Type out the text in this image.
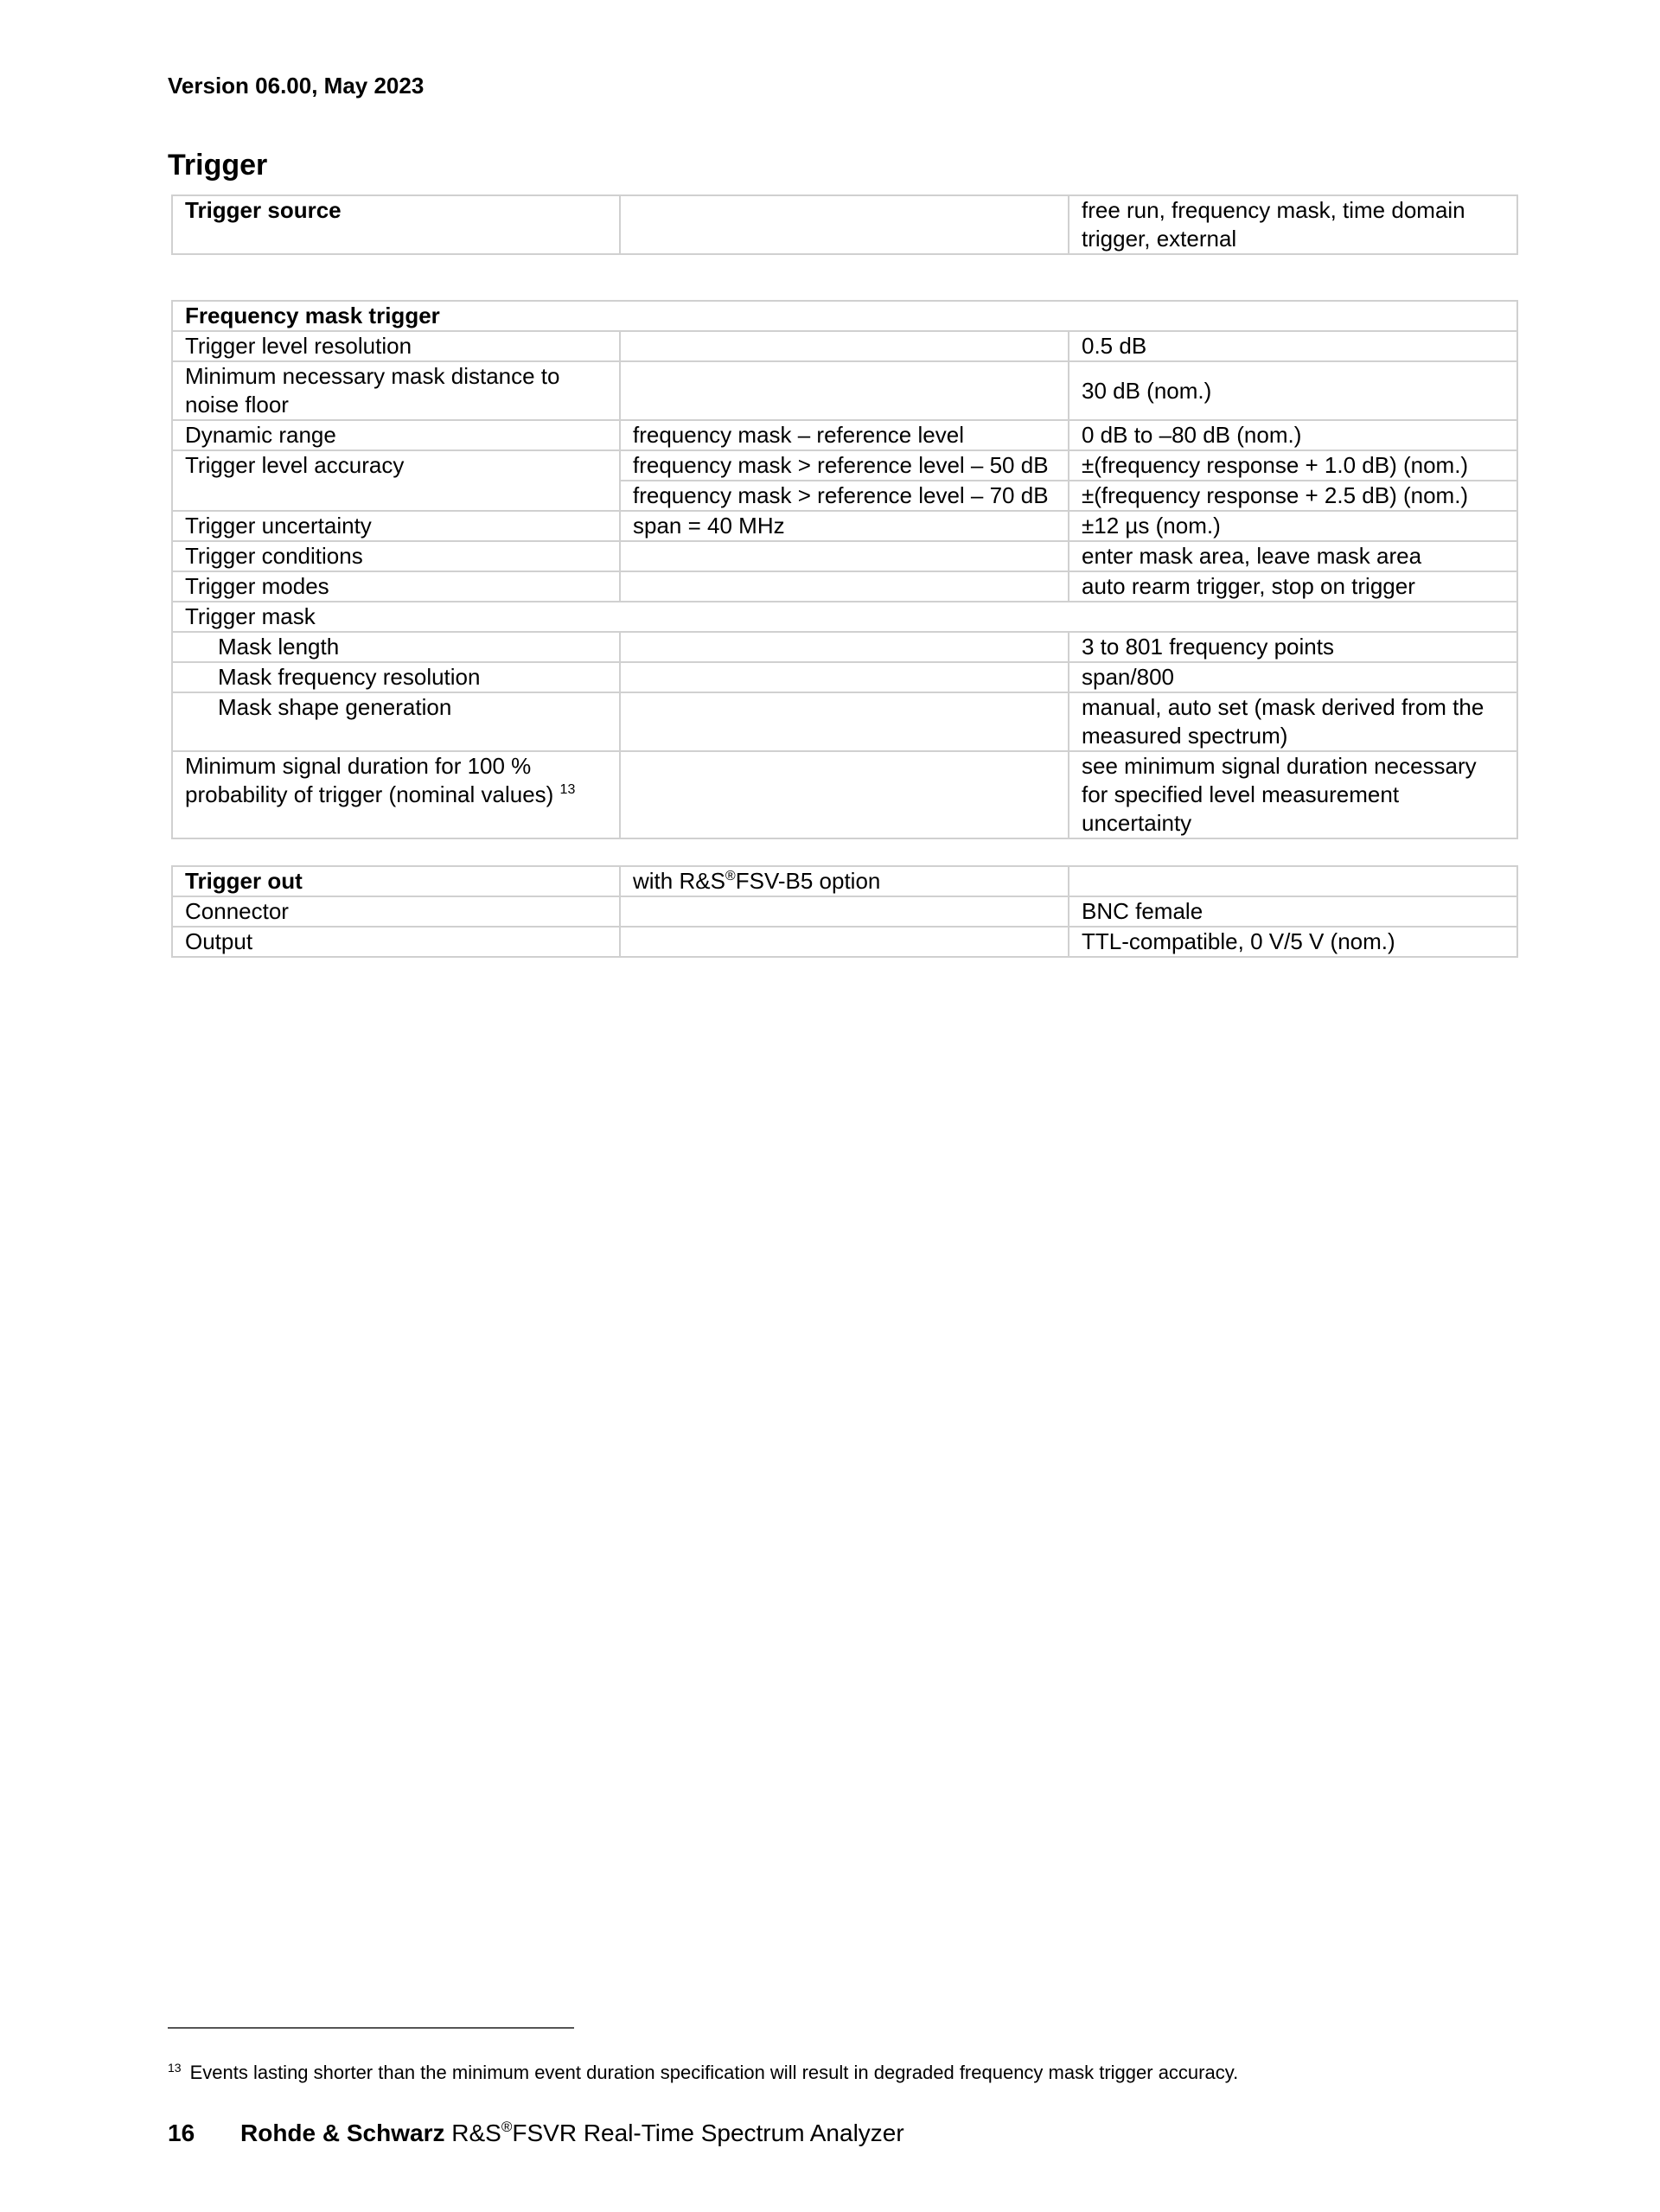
Version 06.00, May 2023
Trigger
Trigger source		free run, frequency mask, time domain trigger, external
Frequency mask trigger		
Trigger level resolution		0.5 dB
Minimum necessary mask distance to noise floor		30 dB (nom.)
Dynamic range	frequency mask – reference level	0 dB to –80 dB (nom.)
Trigger level accuracy	frequency mask > reference level – 50 dB	±(frequency response + 1.0 dB) (nom.)
	frequency mask > reference level – 70 dB	±(frequency response + 2.5 dB) (nom.)
Trigger uncertainty	span = 40 MHz	±12 µs (nom.)
Trigger conditions		enter mask area, leave mask area
Trigger modes		auto rearm trigger, stop on trigger
Trigger mask		
Mask length		3 to 801 frequency points
Mask frequency resolution		span/800
Mask shape generation		manual, auto set (mask derived from the measured spectrum)
Minimum signal duration for 100 % probability of trigger (nominal values) $^{13}$		see minimum signal duration necessary for specified level measurement uncertainty
Trigger out	with R&S®FSV-B5 option	
Connector		BNC female
Output		TTL-compatible, 0 V/5 V (nom.)
$^{13}$ Events lasting shorter than the minimum event duration specification will result in degraded frequency mask trigger accuracy.
16 Rohde & Schwarz R&S®FSVR Real-Time Spectrum Analyzer
